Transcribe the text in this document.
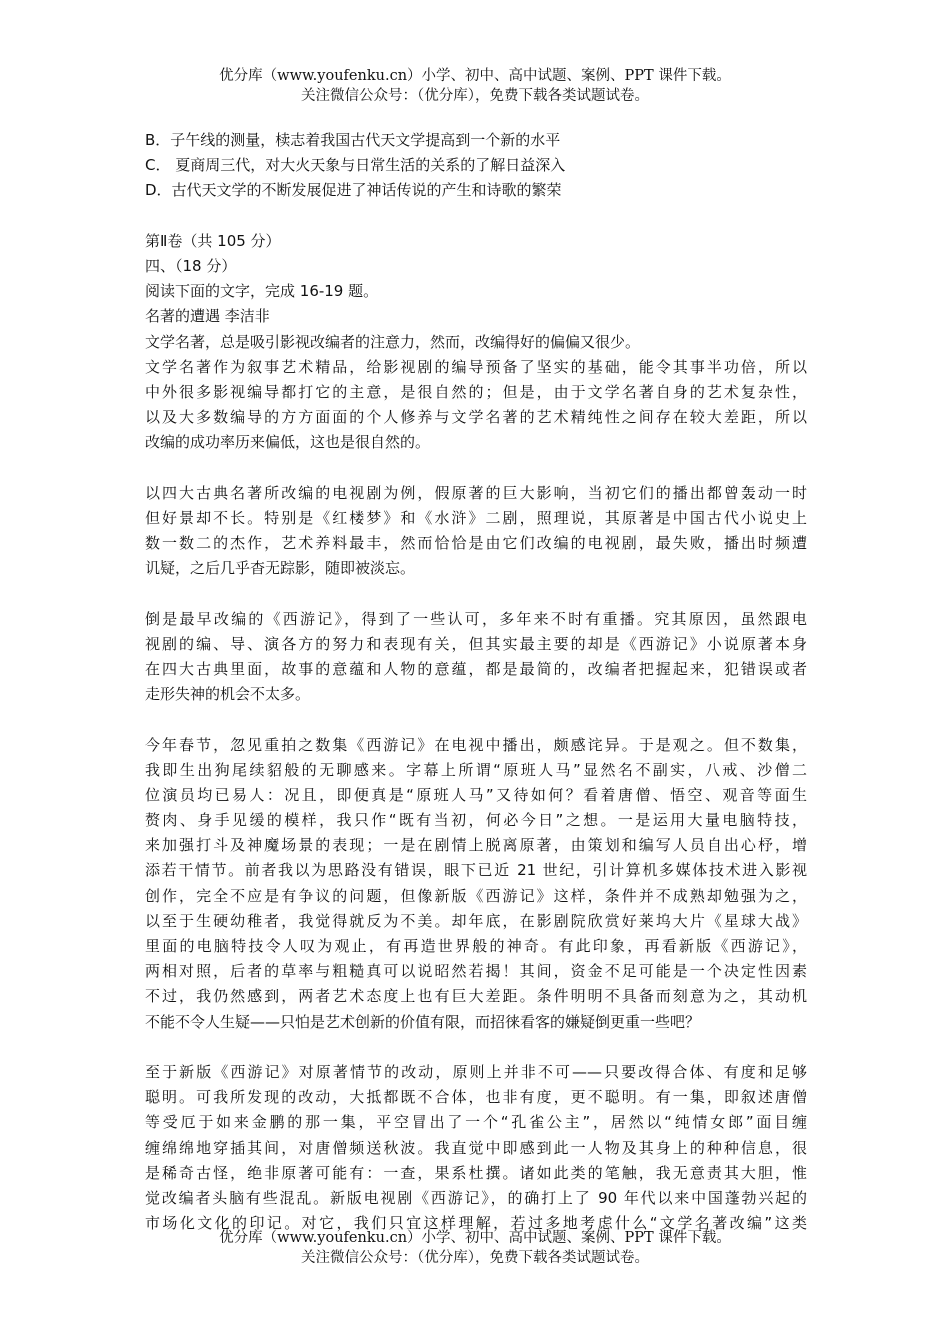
优分库（www.youfenku.cn）小学、初中、高中试题、案例、PPT 课件下载。
关注微信公众号：（优分库），免费下载各类试题试卷。
B．子午线的测量，椟志着我国古代天文学提高到一个新的水平
C． 夏商周三代，对大火天象与日常生活的关系的了解日益深入
D．古代天文学的不断发展促进了神话传说的产生和诗歌的繁荣
第Ⅱ卷（共 105 分）
四、（18 分）
阅读下面的文字，完成 16-19 题。
名著的遭遇 李洁非
文学名著，总是吸引影视改编者的注意力，然而，改编得好的偏偏又很少。
文学名著作为叙事艺术精品，给影视剧的编导预备了坚实的基础，能令其事半功倍，所以
中外很多影视编导都打它的主意，是很自然的；但是，由于文学名著自身的艺术复杂性，
以及大多数编导的方方面面的个人修养与文学名著的艺术精纯性之间存在较大差距，所以
改编的成功率历来偏低，这也是很自然的。
以四大古典名著所改编的电视剧为例，假原著的巨大影响，当初它们的播出都曾轰动一时
但好景却不长。特别是《红楼梦》和《水浒》二剧，照理说，其原著是中国古代小说史上
数一数二的杰作，艺术养料最丰，然而恰恰是由它们改编的电视剧，最失败，播出时频遭
讥疑，之后几乎杳无踪影，随即被淡忘。
倒是最早改编的《西游记》，得到了一些认可，多年来不时有重播。究其原因，虽然跟电
视剧的编、导、演各方的努力和表现有关，但其实最主要的却是《西游记》小说原著本身
在四大古典里面，故事的意蕴和人物的意蕴，都是最简的，改编者把握起来，犯错误或者
走形失神的机会不太多。
今年春节，忽见重拍之数集《西游记》在电视中播出，颇感诧异。于是观之。但不数集，
我即生出狗尾续貂般的无聊感来。字幕上所谓“原班人马”显然名不副实，八戒、沙僧二
位演员均已易人：况且，即便真是“原班人马”又待如何？看着唐僧、悟空、观音等面生
赘肉、身手见缓的模样，我只作“既有当初，何必今日”之想。一是运用大量电脑特技，
来加强打斗及神魔场景的表现；一是在剧情上脱离原著，由策划和编写人员自出心杼，增
添若干情节。前者我以为思路没有错误，眼下已近 21 世纪，引计算机多媒体技术进入影视
创作，完全不应是有争议的问题，但像新版《西游记》这样，条件并不成熟却勉强为之，
以至于生硬幼稚者，我觉得就反为不美。却年底，在影剧院欣赏好莱坞大片《星球大战》
里面的电脑特技令人叹为观止，有再造世界般的神奇。有此印象，再看新版《西游记》，
两相对照，后者的草率与粗糙真可以说昭然若揭！其间，资金不足可能是一个决定性因素
不过，我仍然感到，两者艺术态度上也有巨大差距。条件明明不具备而刻意为之，其动机
不能不令人生疑——只怕是艺术创新的价值有限，而招徕看客的嫌疑倒更重一些吧？
至于新版《西游记》对原著情节的改动，原则上并非不可——只要改得合体、有度和足够
聪明。可我所发现的改动，大抵都既不合体，也非有度，更不聪明。有一集，即叙述唐僧
等受厄于如来金鹏的那一集，平空冒出了一个“孔雀公主”，居然以“纯情女郎”面目缠
缠绵绵地穿插其间，对唐僧频送秋波。我直觉中即感到此一人物及其身上的种种信息，很
是稀奇古怪，绝非原著可能有：一查，果系杜撰。诸如此类的笔触，我无意责其大胆，惟
觉改编者头脑有些混乱。新版电视剧《西游记》，的确打上了 90 年代以来中国蓬勃兴起的
市场化文化的印记。对它，我们只宜这样理解，若过多地考虑什么“文学名著改编”这类
优分库（www.youfenku.cn）小学、初中、高中试题、案例、PPT 课件下载。
关注微信公众号：（优分库），免费下载各类试题试卷。
